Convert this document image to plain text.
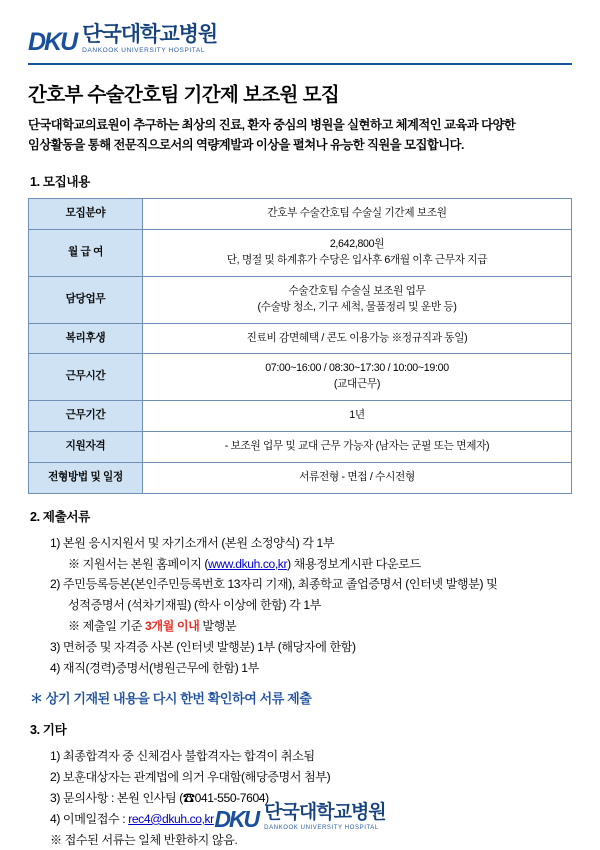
DKU 단국대학교병원
DANKOOK UNIVERSITY HOSPITAL
간호부 수술간호팀 기간제 보조원 모집
단국대학교의료원이 추구하는 최상의 진료, 환자 중심의 병원을 실현하고 체계적인 교육과 다양한
임상활동을 통해 전문직으로서의 역량계발과 이상을 펼쳐나 유능한 직원을 모집합니다.
1. 모집내용
모집분야	간호부 수술간호팀 수술실 기간제 보조원

월 급 여	2,642,800원
단, 명절 및 하계휴가 수당은 입사후 6개월 이후 근무자 지급

담당업무	수술간호팀 수술실 보조원 업무
(수술방 청소, 기구 세척, 물품정리 및 운반 등)

복리후생	진료비 감면혜택 / 콘도 이용가능 ※정규직과 동일)

근무시간	07:00~16:00 / 08:30~17:30 / 10:00~19:00
(교대근무)

근무기간	1년

지원자격	- 보조원 업무 및 교대 근무 가능자 (남자는 군필 또는 면제자)

전형방법 및 일정	서류전형 - 면접 / 수시전형
2. 제출서류
1) 본원 응시지원서 및 자기소개서 (본원 소정양식) 각 1부
※ 지원서는 본원 홈페이지 (www.dkuh.co,kr) 채용정보게시판 다운로드
2) 주민등록등본(본인주민등록번호 13자리 기재), 최종학교 졸업증명서 (인터넷 발행분) 및
성적증명서 (석차기재필) (학사 이상에 한함) 각 1부
※ 제출일 기준 3개월 이내 발행분
3) 면허증 및 자격증 사본 (인터넷 발행분) 1부 (해당자에 한함)
4) 재직(경력)증명서(병원근무에 한함) 1부
＊ 상기 기재된 내용을 다시 한번 확인하여 서류 제출
3. 기타
1) 최종합격자 중 신체검사 불합격자는 합격이 취소됨
2) 보훈대상자는 관계법에 의거 우대함(해당증명서 첨부)
3) 문의사항 : 본원 인사팀 (☎041-550-7604)
4) 이메일접수 : rec4@dkuh.co,kr
※ 접수된 서류는 일체 반환하지 않음.
DKU 단국대학교병원
DANKOOK UNIVERSITY HOSPITAL
